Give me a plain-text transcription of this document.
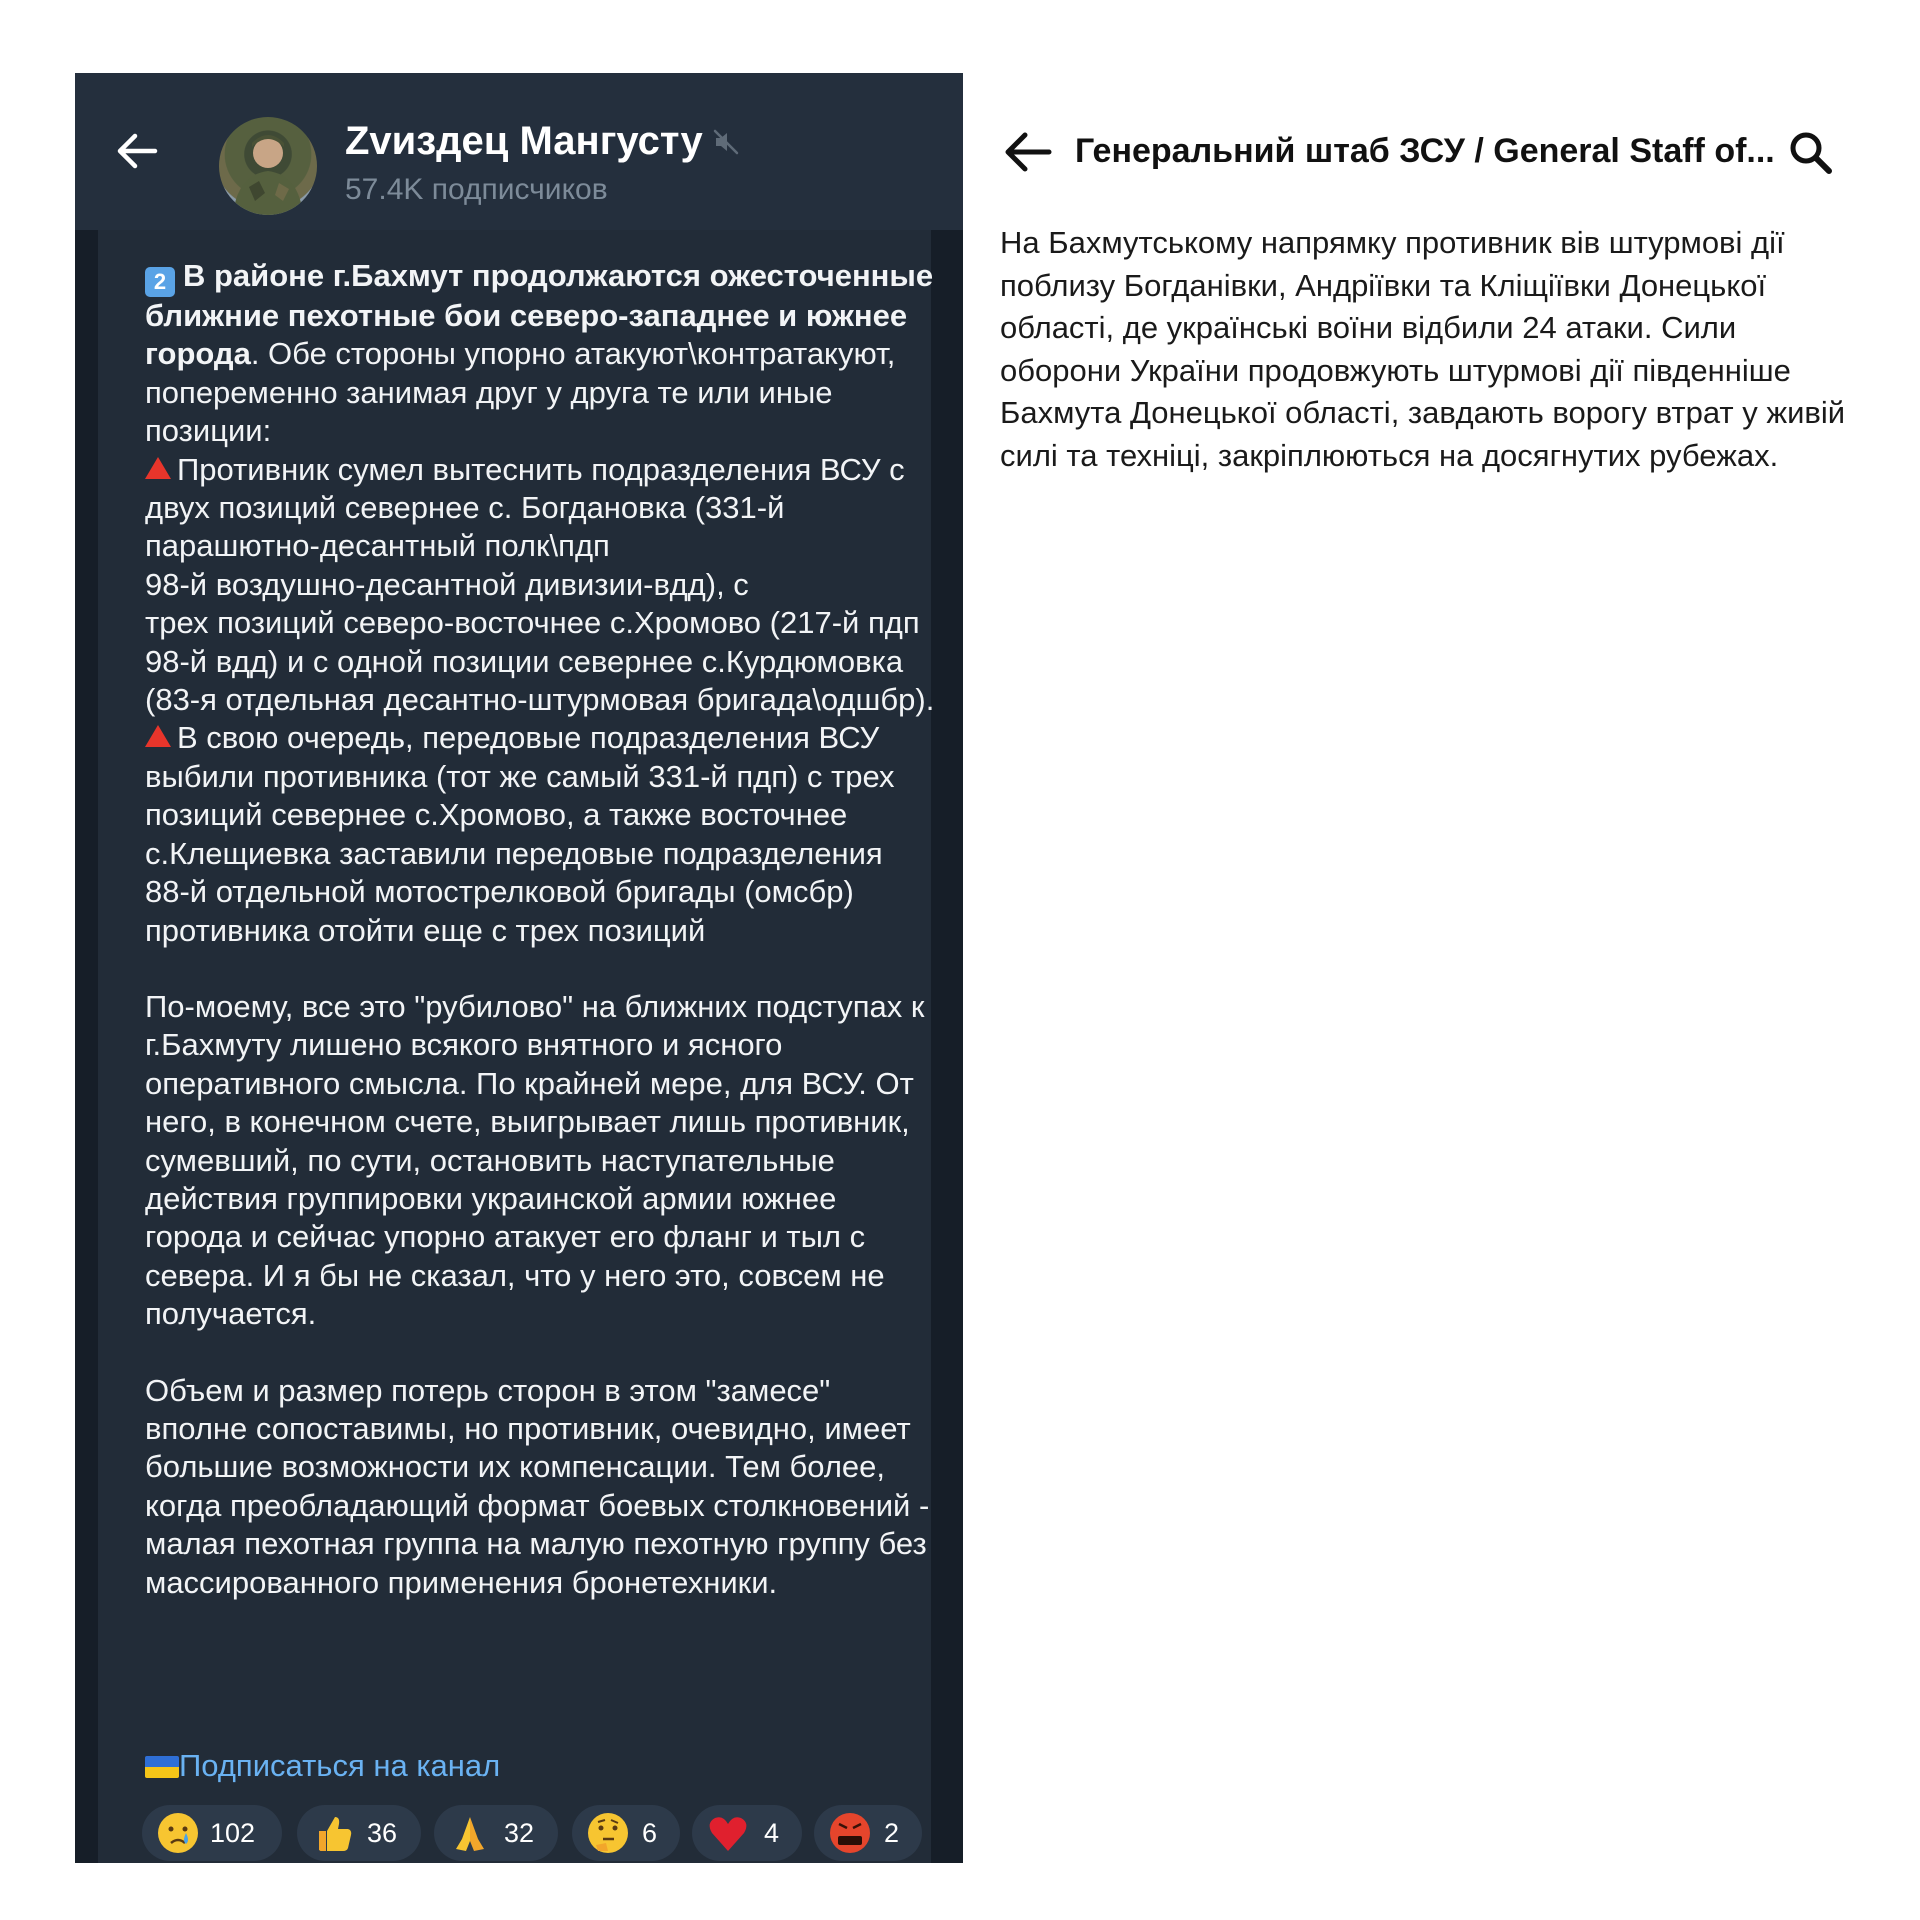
Zvиздец Мангусту
57.4K подписчиков

2 В районе г.Бахмут продолжаются ожесточенные ближние пехотные бои северо-западнее и южнее города. Обе стороны упорно атакуют\контратакуют, попеременно занимая друг у друга те или иные позиции:

Противник сумел вытеснить подразделения ВСУ с двух позиций севернее с. Богдановка (331-й парашютно-десантный полк\пдп
98-й воздушно-десантной дивизии-вдд), с
трех позиций северо-восточнее с.Хромово (217-й пдп 98-й вдд) и с одной позиции севернее с.Курдюмовка (83-я отдельная десантно-штурмовая бригада\одшбр).

В свою очередь, передовые подразделения ВСУ выбили противника (тот же самый 331-й пдп) с трех позиций севернее с.Хромово, а также восточнее с.Клещиевка заставили передовые подразделения 88-й отдельной мотострелковой бригады (омсбр) противника отойти еще с трех позиций

По-моему, все это "рубилово" на ближних подступах к г.Бахмуту лишено всякого внятного и ясного оперативного смысла. По крайней мере, для ВСУ. От него, в конечном счете, выигрывает лишь противник, сумевший, по сути, остановить наступательные действия группировки украинской армии южнее города и сейчас упорно атакует его фланг и тыл с севера. И я бы не сказал, что у него это, совсем не получается.

Объем и размер потерь сторон в этом "замесе" вполне сопоставимы, но противник, очевидно, имеет большие возможности их компенсации. Тем более, когда преобладающий формат боевых столкновений - малая пехотная группа на малую пехотную группу без массированного применения бронетехники.

Подписаться на канал
102	36	32	6	4	2
Генеральний штаб ЗСУ / General Staff of...
На Бахмутському напрямку противник вів штурмові дії поблизу Богданівки, Андріївки та Кліщіївки Донецької області, де українські воїни відбили 24 атаки. Сили оборони України продовжують штурмові дії південніше Бахмута Донецької області, завдають ворогу втрат у живій силі та техніці, закріплюються на досягнутих рубежах.
